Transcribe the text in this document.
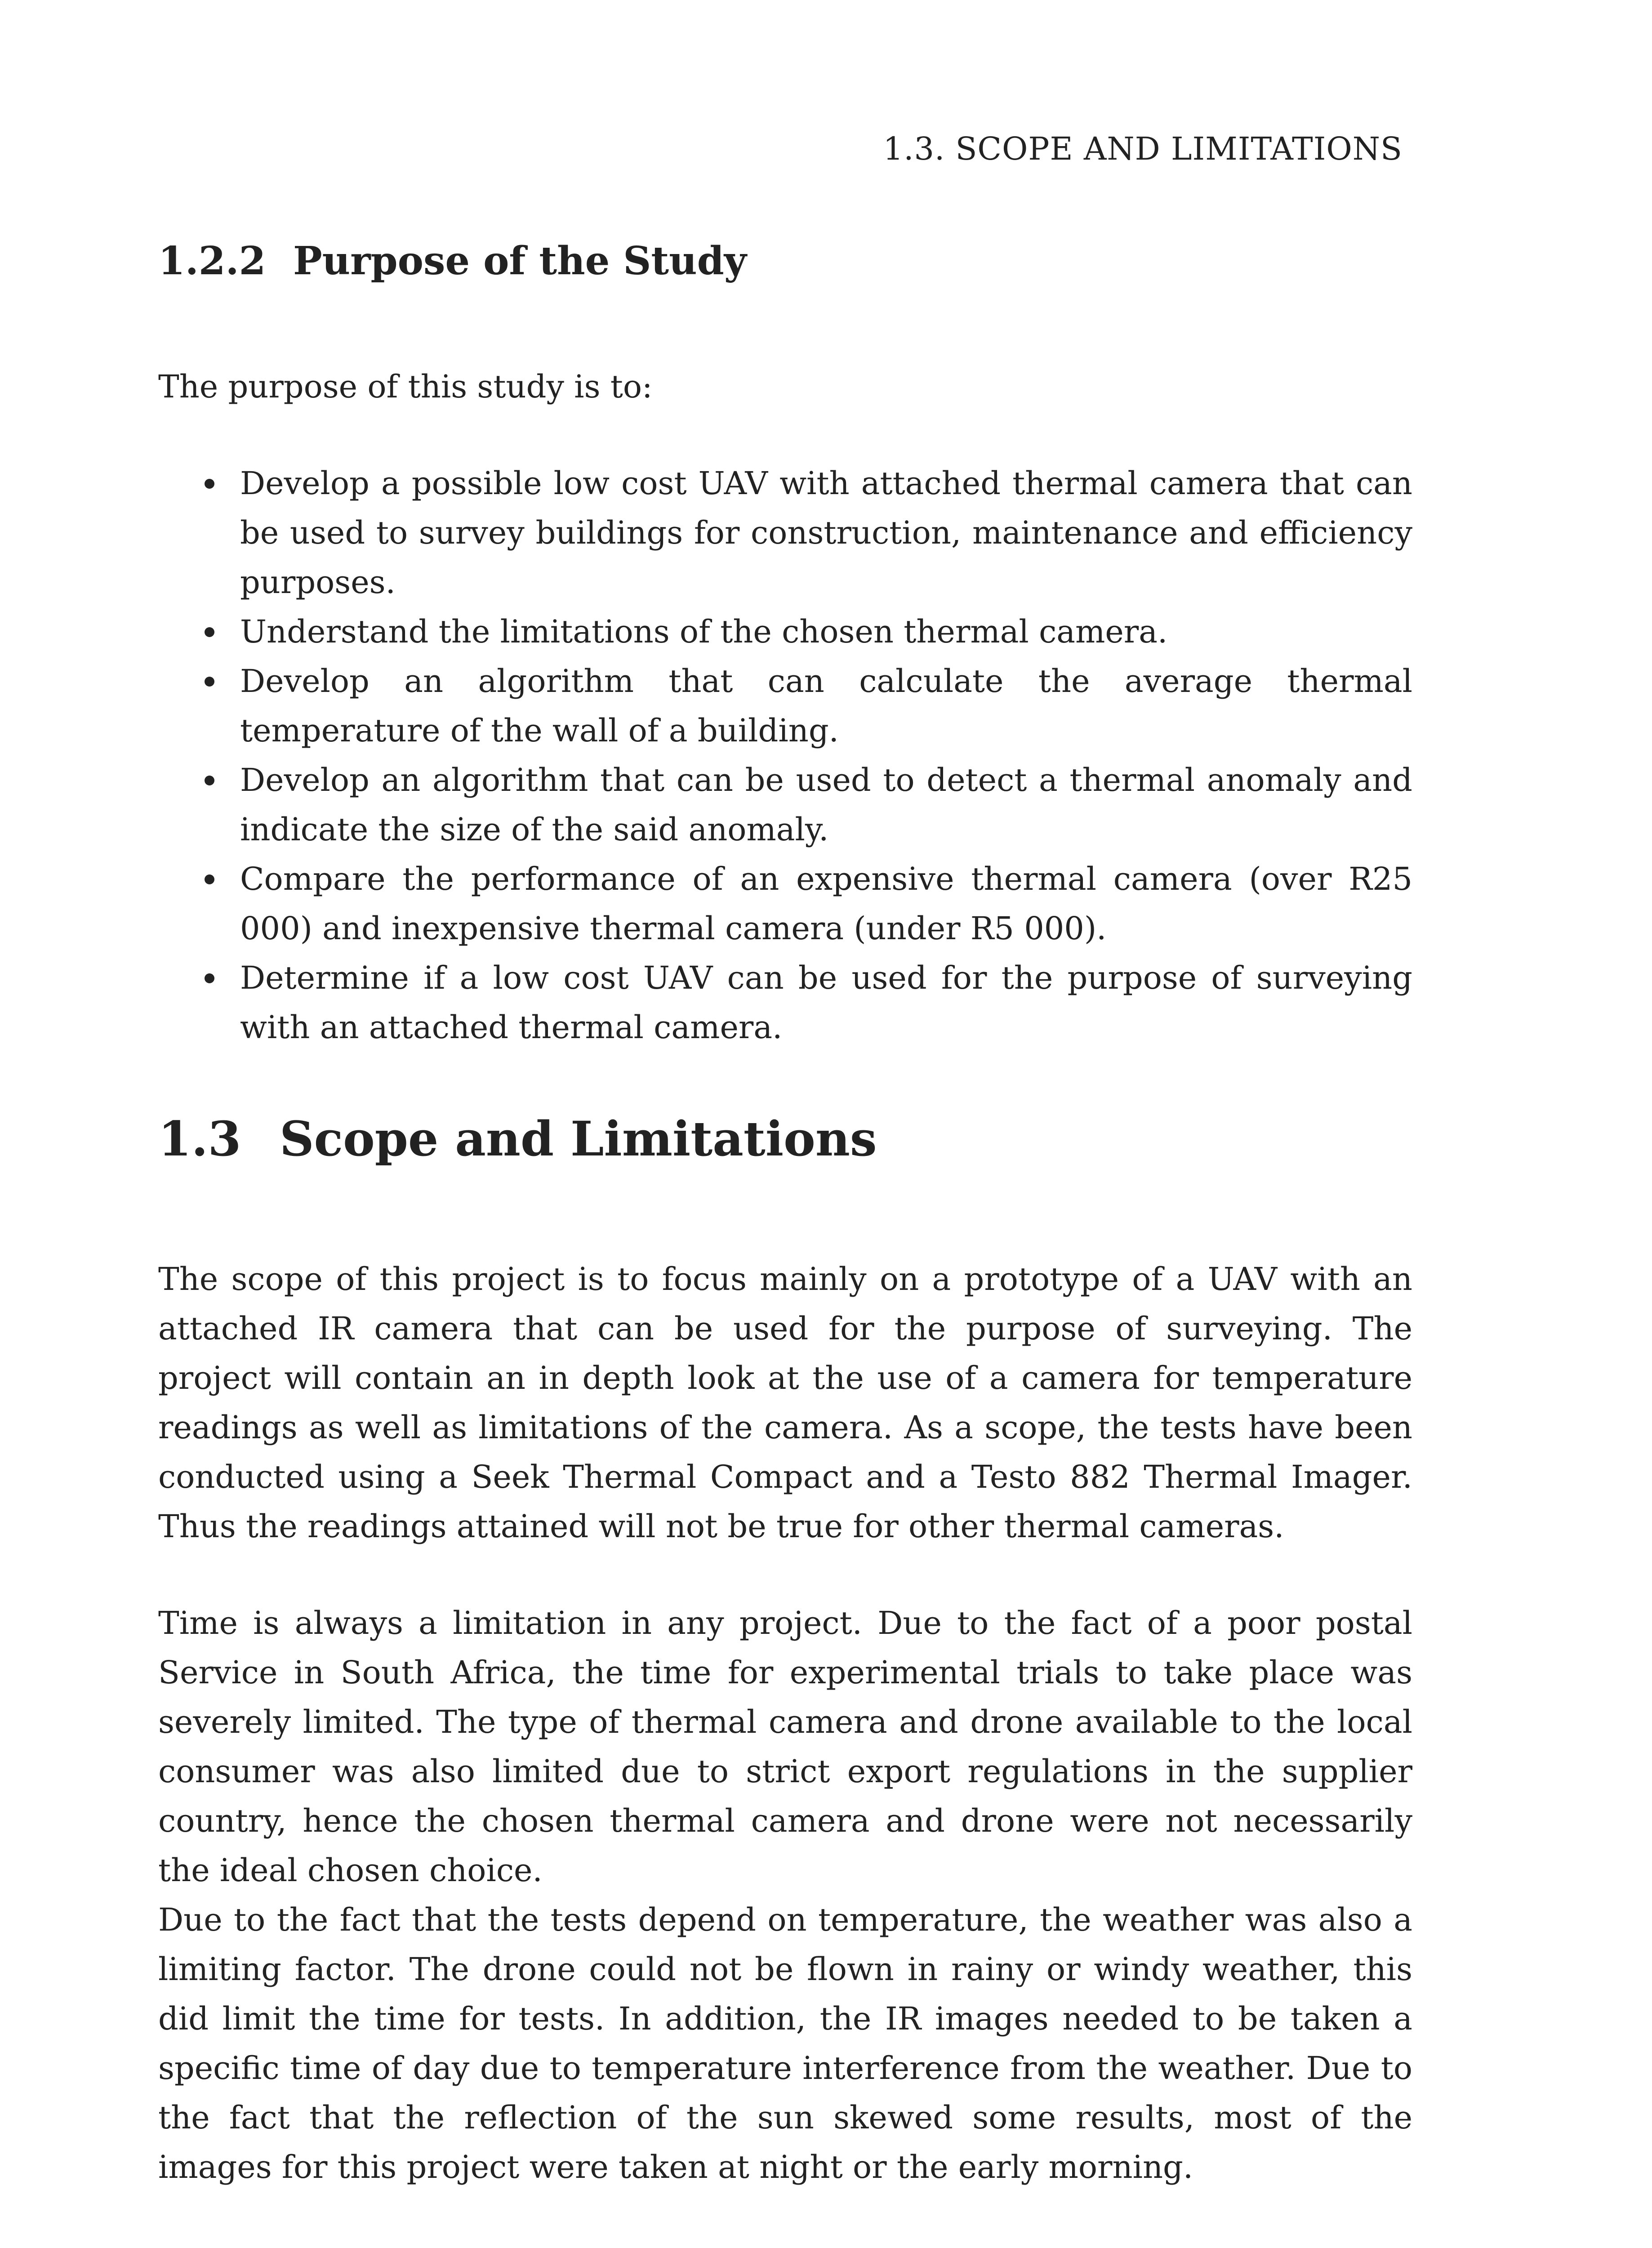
1.3. SCOPE AND LIMITATIONS
1.2.2 Purpose of the Study
The purpose of this study is to:
Develop a possible low cost UAV with attached thermal camera that can be used to survey buildings for construction, maintenance and efficiency purposes.
Understand the limitations of the chosen thermal camera.
Develop an algorithm that can calculate the average thermal temperature of the wall of a building.
Develop an algorithm that can be used to detect a thermal anomaly and indicate the size of the said anomaly.
Compare the performance of an expensive thermal camera (over R25 000) and inexpensive thermal camera (under R5 000).
Determine if a low cost UAV can be used for the purpose of surveying with an attached thermal camera.
1.3 Scope and Limitations

The scope of this project is to focus mainly on a prototype of a UAV with an attached IR camera that can be used for the purpose of surveying. The project will contain an in depth look at the use of a camera for temperature readings as well as limitations of the camera. As a scope, the tests have been conducted using a Seek Thermal Compact and a Testo 882 Thermal Imager. Thus the readings attained will not be true for other thermal cameras.

Time is always a limitation in any project. Due to the fact of a poor postal Service in South Africa, the time for experimental trials to take place was severely limited. The type of thermal camera and drone available to the local consumer was also limited due to strict export regulations in the supplier country, hence the chosen thermal camera and drone were not necessarily the ideal chosen choice.

Due to the fact that the tests depend on temperature, the weather was also a limiting factor. The drone could not be flown in rainy or windy weather, this did limit the time for tests. In addition, the IR images needed to be taken a specific time of day due to temperature interference from the weather. Due to the fact that the reflection of the sun skewed some results, most of the images for this project were taken at night or the early morning.
